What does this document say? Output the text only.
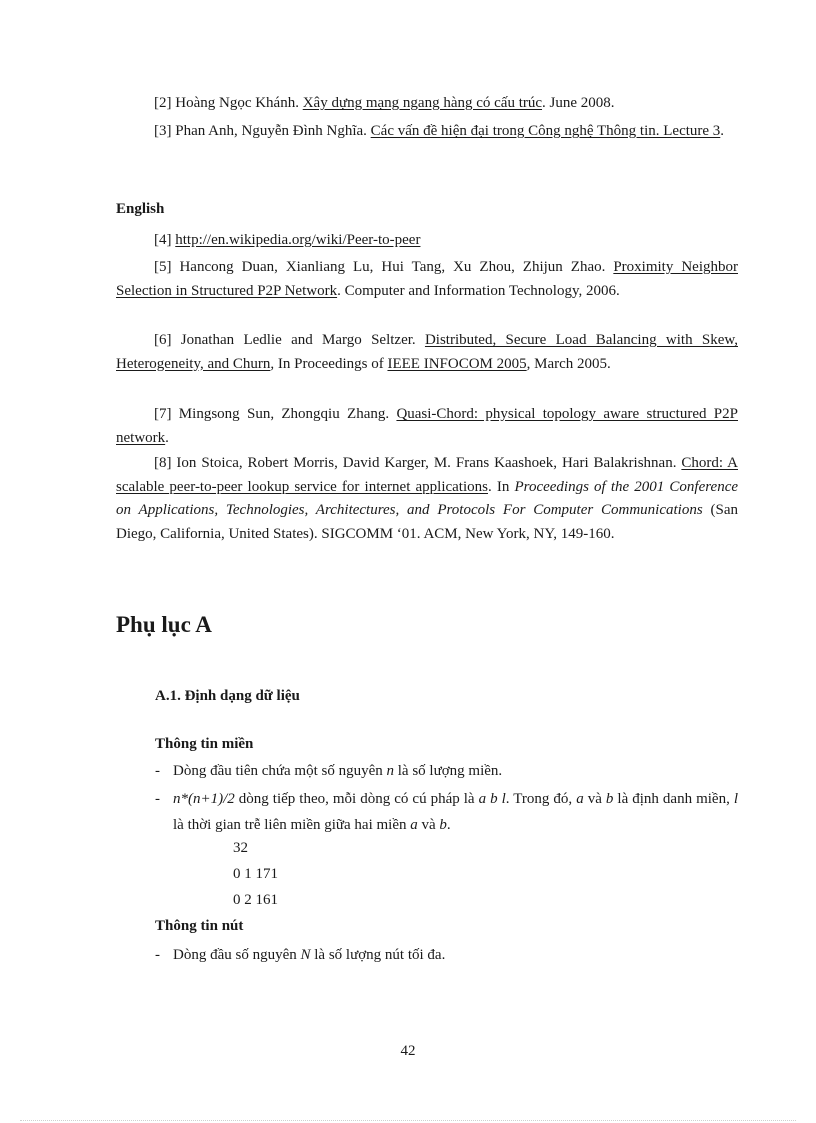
[2] Hoàng Ngọc Khánh. Xây dựng mạng ngang hàng có cấu trúc. June 2008.
[3] Phan Anh, Nguyễn Đình Nghĩa. Các vấn đề hiện đại trong Công nghệ Thông tin. Lecture 3.
English
[4] http://en.wikipedia.org/wiki/Peer-to-peer
[5] Hancong Duan, Xianliang Lu, Hui Tang, Xu Zhou, Zhijun Zhao. Proximity Neighbor Selection in Structured P2P Network. Computer and Information Technology, 2006.
[6] Jonathan Ledlie and Margo Seltzer. Distributed, Secure Load Balancing with Skew, Heterogeneity, and Churn, In Proceedings of IEEE INFOCOM 2005, March 2005.
[7] Mingsong Sun, Zhongqiu Zhang. Quasi-Chord: physical topology aware structured P2P network.
[8] Ion Stoica, Robert Morris, David Karger, M. Frans Kaashoek, Hari Balakrishnan. Chord: A scalable peer-to-peer lookup service for internet applications. In Proceedings of the 2001 Conference on Applications, Technologies, Architectures, and Protocols For Computer Communications (San Diego, California, United States). SIGCOMM ‘01. ACM, New York, NY, 149-160.
Phụ lục A
A.1. Định dạng dữ liệu
Thông tin miền
- Dòng đầu tiên chứa một số nguyên n là số lượng miền.
- n*(n+1)/2 dòng tiếp theo, mỗi dòng có cú pháp là a b l. Trong đó, a và b là định danh miền, l là thời gian trễ liên miền giữa hai miền a và b.
32
0 1 171
0 2 161
Thông tin nút
- Dòng đầu số nguyên N là số lượng nút tối đa.
42
